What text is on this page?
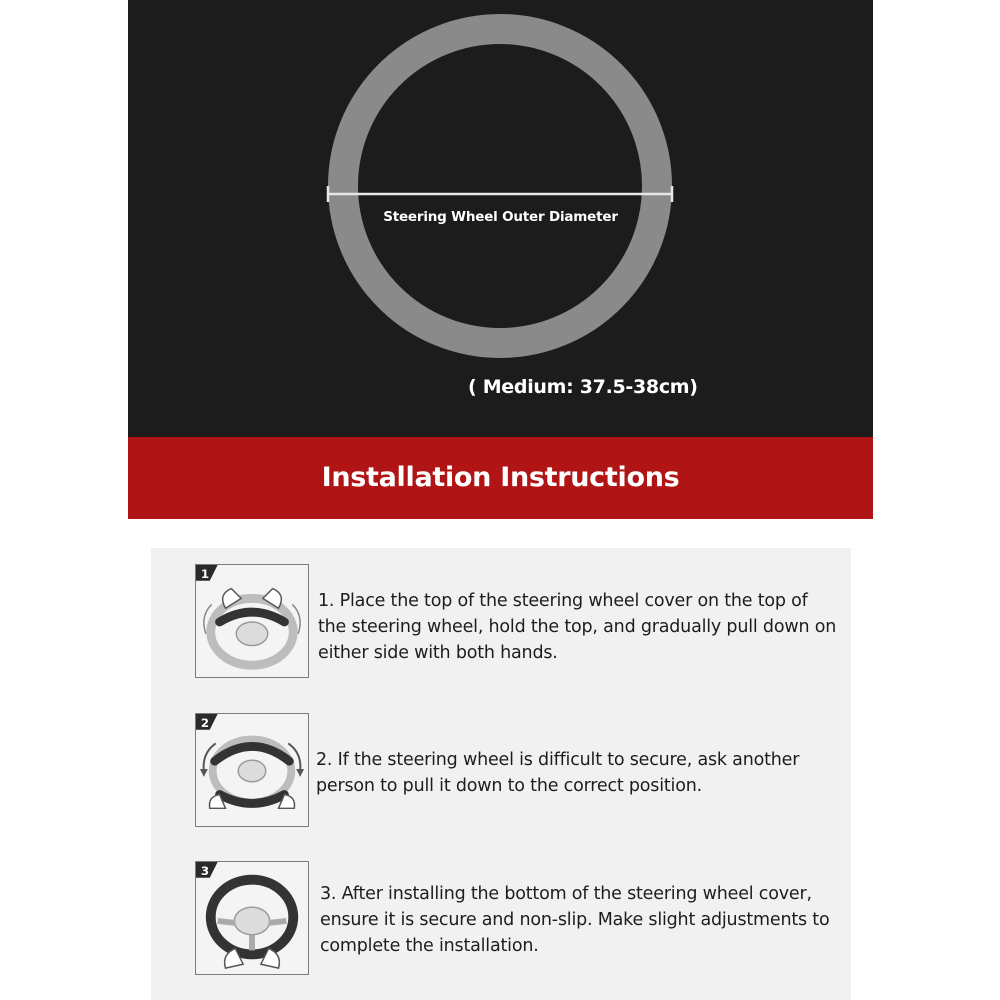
Steering Wheel Outer Diameter
( Medium: 37.5-38cm)
Installation Instructions
1
1. Place the top of the steering wheel cover on the top of the steering wheel, hold the top, and gradually pull down on either side with both hands.
2
2. If the steering wheel is difficult to secure, ask another person to pull it down to the correct position.
3
3. After installing the bottom of the steering wheel cover, ensure it is secure and non-slip. Make slight adjustments to complete the installation.
